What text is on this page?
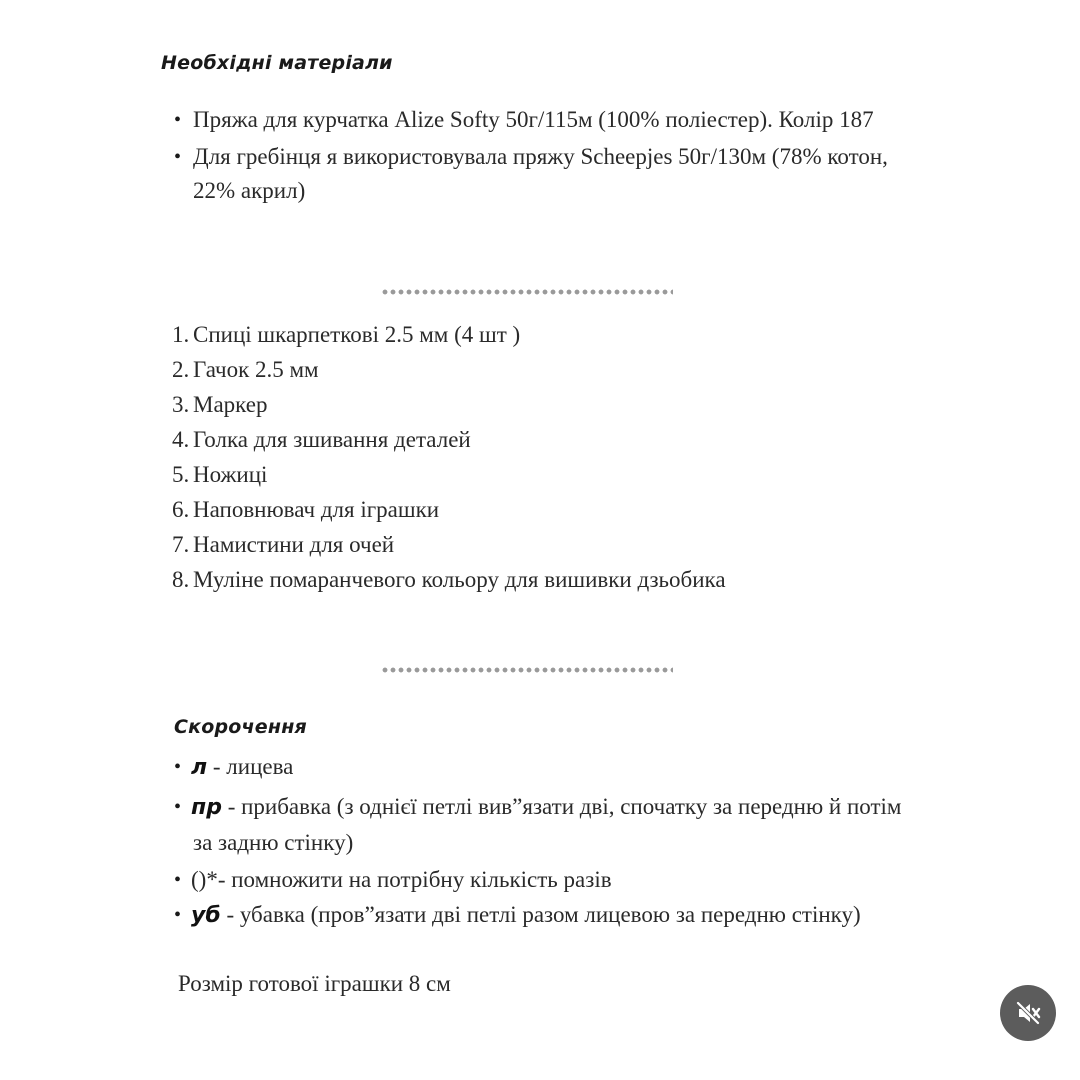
Необхідні матеріали
• Пряжа для курчатка Alize Softy 50г/115м (100% поліестер). Колір 187
• Для гребінця я використовувала пряжу Scheepjes 50г/130м (78% котон,
22% акрил)
1. Спиці шкарпеткові 2.5 мм (4 шт )
2. Гачок 2.5 мм
3. Маркер
4. Голка для зшивання деталей
5. Ножиці
6. Наповнювач для іграшки
7. Намистини для очей
8. Муліне помаранчевого кольору для вишивки дзьобика
Скорочення
• л - лицева
• пр - прибавка (з однієї петлі вив”язати дві, спочатку за передню й потім
за задню стінку)
• ()*- помножити на потрібну кількість разів
• уб - убавка (пров”язати дві петлі разом лицевою за передню стінку)
Розмір готової іграшки 8 см
